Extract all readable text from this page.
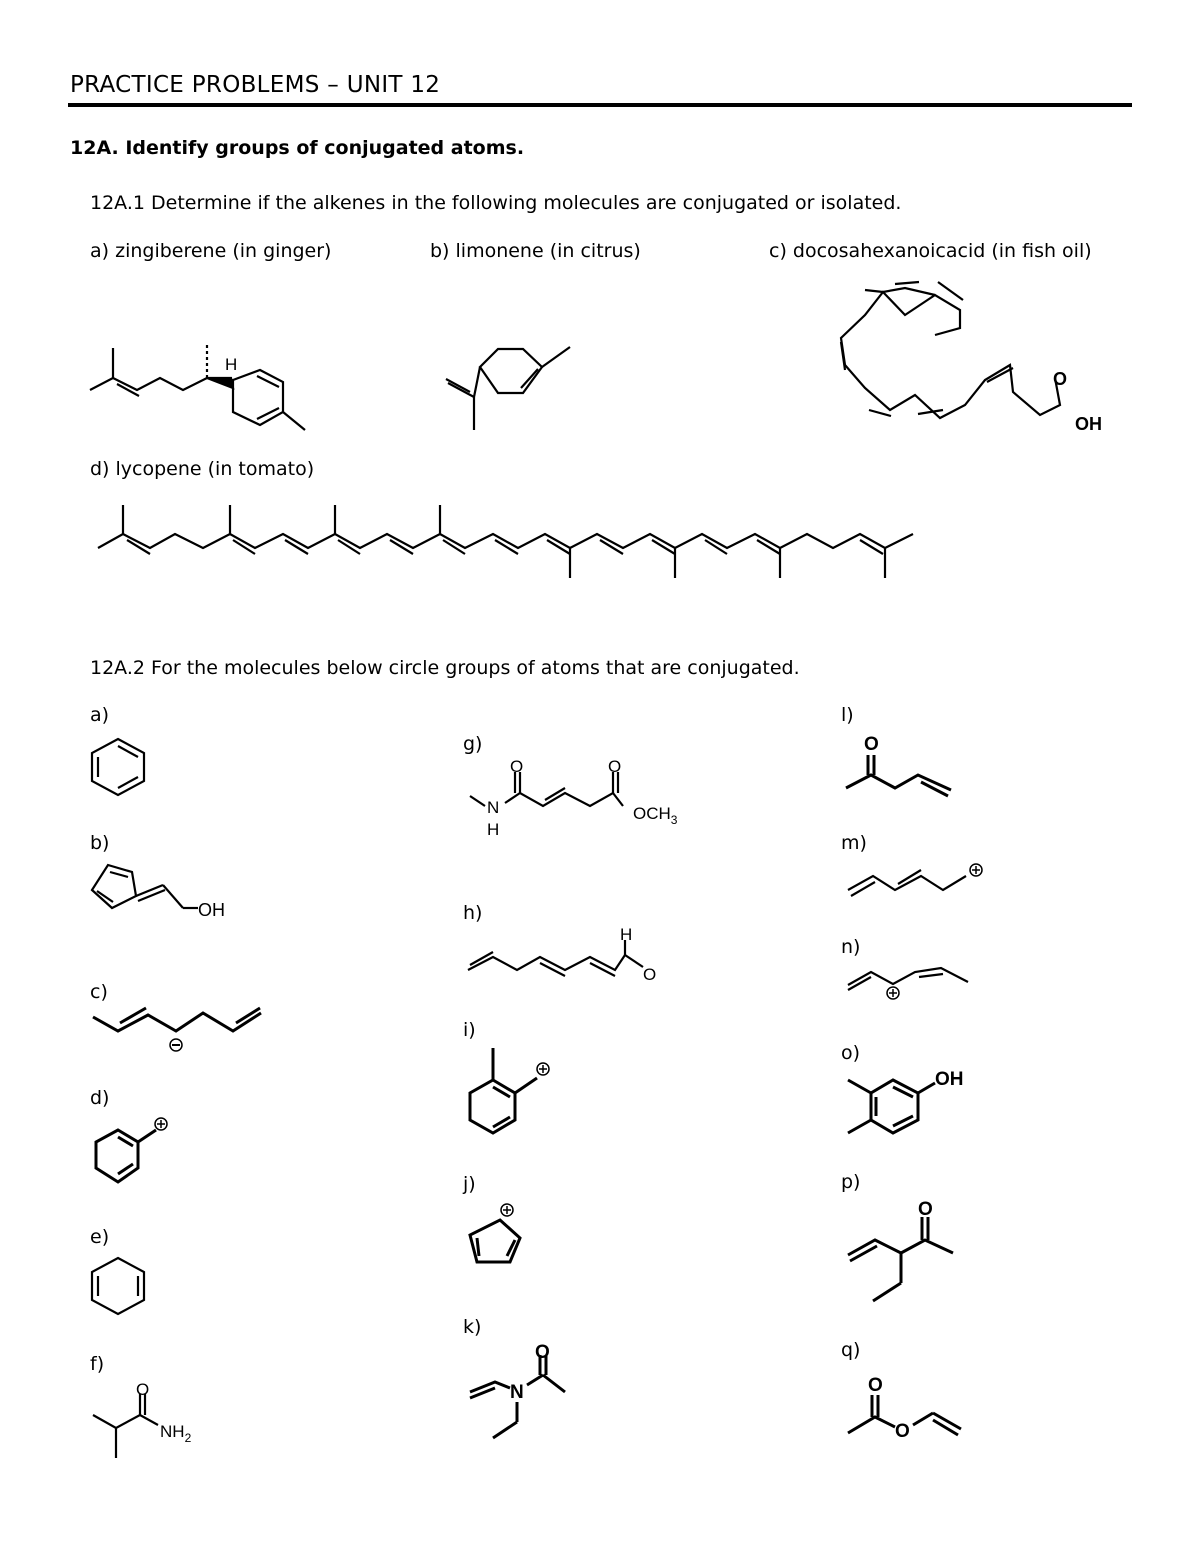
PRACTICE PROBLEMS – UNIT 12
12A. Identify groups of conjugated atoms.
12A.1 Determine if the alkenes in the following molecules are conjugated or isolated.
a) zingiberene (in ginger)	b) limonene (in citrus)	c) docosahexanoicacid (in fish oil)
d) lycopene (in tomato)
H
O
OH
12A.2 For the molecules below circle groups of atoms that are conjugated.
a)
b)
c)
d)
e)
f)
OH
O
$NH_2$
g)
h)
i)
j)
k)
N
H
O	O
$OCH_3$
H
O
N
O
l)
m)
n)
o)
p)
q)
O
OH
O
O
O
